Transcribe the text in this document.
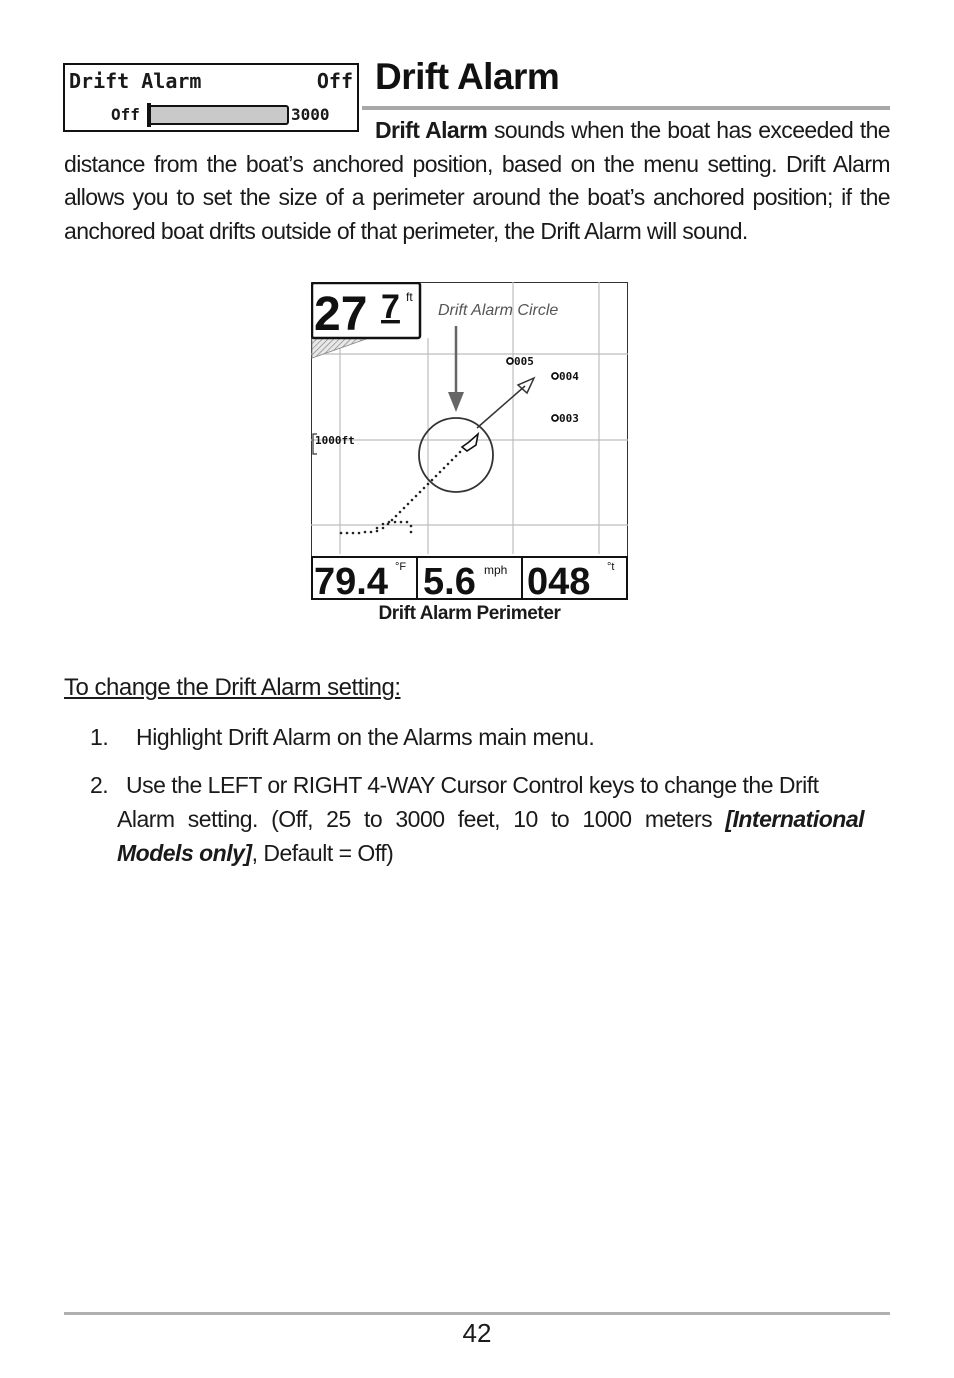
Drift Alarm	Off
Off	3000
Drift Alarm

Drift Alarm sounds when the boat has exceeded the distance from the boat’s anchored position, based on the menu setting. Drift Alarm allows you to set the size of a perimeter around the boat’s anchored position; if the anchored boat drifts outside of that perimeter, the Drift Alarm will sound.

27 7 ft
Drift Alarm Circle
1000ft
005
004
003
79.4 °F 5.6 mph 048 °t
Drift Alarm Perimeter
To change the Drift Alarm setting:
1. Highlight Drift Alarm on the Alarms main menu.
2. Use the LEFT or RIGHT 4-WAY Cursor Control keys to change the Drift
Alarm setting. (Off, 25 to 3000 feet, 10 to 1000 meters [International Models only], Default = Off)
42
